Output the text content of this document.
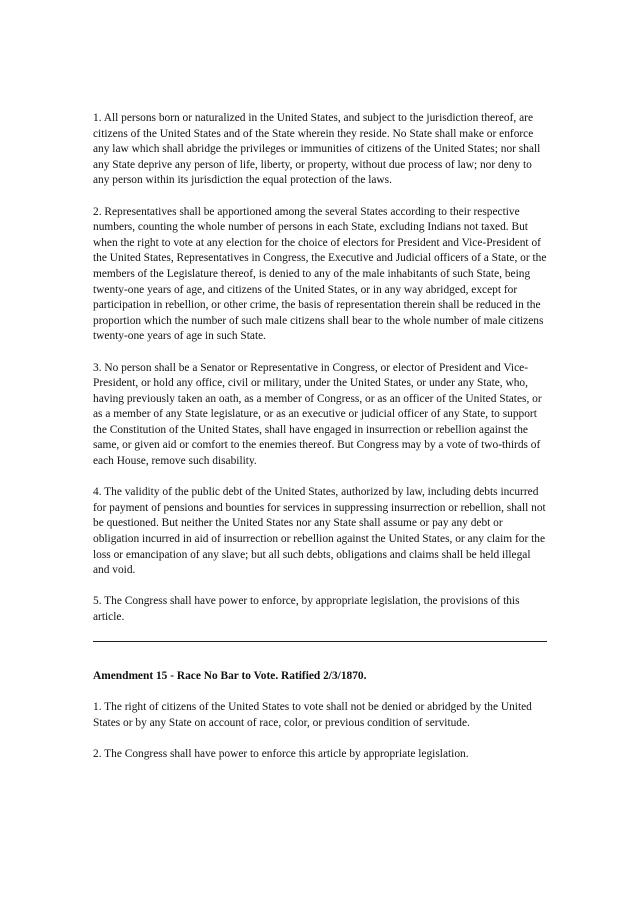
1. All persons born or naturalized in the United States, and subject to the jurisdiction thereof, are citizens of the United States and of the State wherein they reside. No State shall make or enforce any law which shall abridge the privileges or immunities of citizens of the United States; nor shall any State deprive any person of life, liberty, or property, without due process of law; nor deny to any person within its jurisdiction the equal protection of the laws.

2. Representatives shall be apportioned among the several States according to their respective numbers, counting the whole number of persons in each State, excluding Indians not taxed. But when the right to vote at any election for the choice of electors for President and Vice-President of the United States, Representatives in Congress, the Executive and Judicial officers of a State, or the members of the Legislature thereof, is denied to any of the male inhabitants of such State, being twenty-one years of age, and citizens of the United States, or in any way abridged, except for participation in rebellion, or other crime, the basis of representation therein shall be reduced in the proportion which the number of such male citizens shall bear to the whole number of male citizens twenty-one years of age in such State.

3. No person shall be a Senator or Representative in Congress, or elector of President and Vice-President, or hold any office, civil or military, under the United States, or under any State, who, having previously taken an oath, as a member of Congress, or as an officer of the United States, or as a member of any State legislature, or as an executive or judicial officer of any State, to support the Constitution of the United States, shall have engaged in insurrection or rebellion against the same, or given aid or comfort to the enemies thereof. But Congress may by a vote of two-thirds of each House, remove such disability.

4. The validity of the public debt of the United States, authorized by law, including debts incurred for payment of pensions and bounties for services in suppressing insurrection or rebellion, shall not be questioned. But neither the United States nor any State shall assume or pay any debt or obligation incurred in aid of insurrection or rebellion against the United States, or any claim for the loss or emancipation of any slave; but all such debts, obligations and claims shall be held illegal and void.

5. The Congress shall have power to enforce, by appropriate legislation, the provisions of this article.

Amendment 15 - Race No Bar to Vote. Ratified 2/3/1870.

1. The right of citizens of the United States to vote shall not be denied or abridged by the United States or by any State on account of race, color, or previous condition of servitude.

2. The Congress shall have power to enforce this article by appropriate legislation.
